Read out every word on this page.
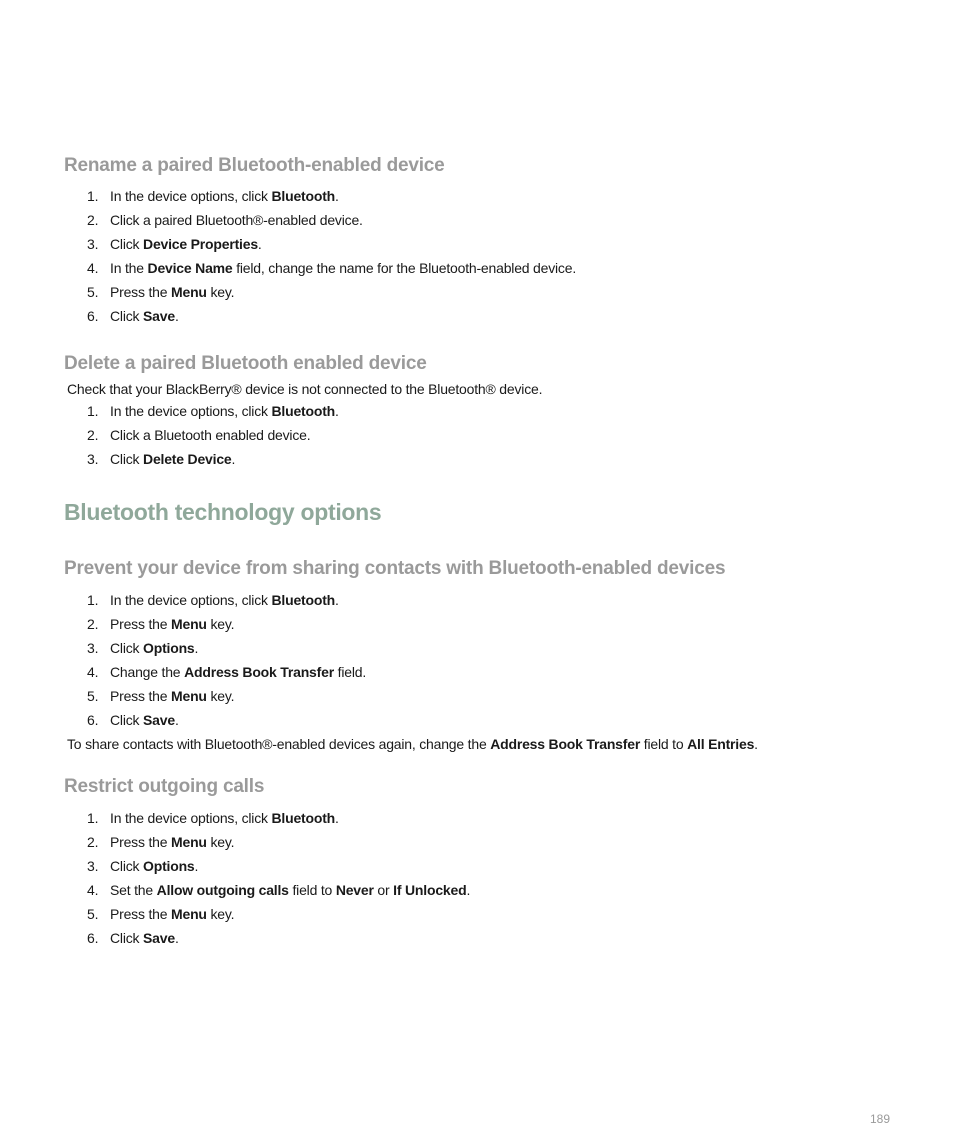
Rename a paired Bluetooth-enabled device
1. In the device options, click Bluetooth.
2. Click a paired Bluetooth®-enabled device.
3. Click Device Properties.
4. In the Device Name field, change the name for the Bluetooth-enabled device.
5. Press the Menu key.
6. Click Save.
Delete a paired Bluetooth enabled device

Check that your BlackBerry® device is not connected to the Bluetooth® device.

1. In the device options, click Bluetooth.
2. Click a Bluetooth enabled device.
3. Click Delete Device.
Bluetooth technology options
Prevent your device from sharing contacts with Bluetooth-enabled devices
1. In the device options, click Bluetooth.
2. Press the Menu key.
3. Click Options.
4. Change the Address Book Transfer field.
5. Press the Menu key.
6. Click Save.

To share contacts with Bluetooth®-enabled devices again, change the Address Book Transfer field to All Entries.

Restrict outgoing calls
1. In the device options, click Bluetooth.
2. Press the Menu key.
3. Click Options.
4. Set the Allow outgoing calls field to Never or If Unlocked.
5. Press the Menu key.
6. Click Save.
189
